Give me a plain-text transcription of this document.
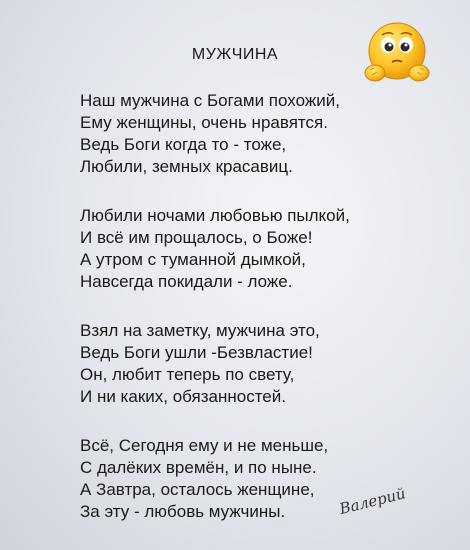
МУЖЧИНА
Наш мужчина с Богами похожий,
Ему женщины, очень нравятся.
Ведь Боги когда то - тоже,
Любили, земных красавиц.
Любили ночами любовью пылкой,
И всё им прощалось, о Боже!
А утром с туманной дымкой,
Навсегда покидали - ложе.
Взял на заметку, мужчина это,
Ведь Боги ушли -Безвластие!
Он, любит теперь по свету,
И ни каких, обязанностей.
Всё, Сегодня ему и не меньше,
С далёких времён, и по ныне.
А Завтра, осталось женщине,
За эту - любовь мужчины.	Валерий
